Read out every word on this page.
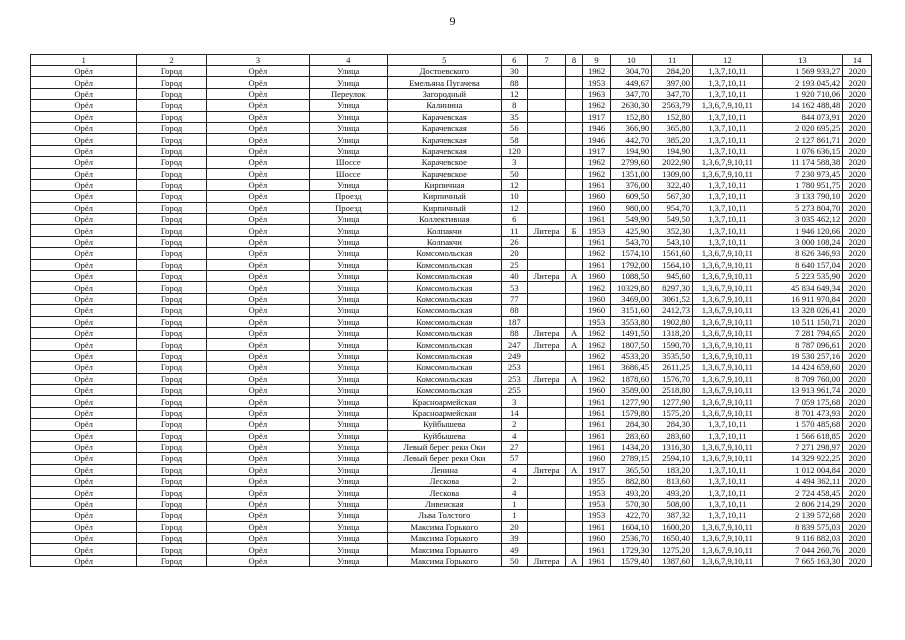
9
1	2	3	4	5	6	7	8	9	10	11	12	13	14
Орёл	Город	Орёл	Улица	Достоевского	30			1962	304,70	284,20	1,3,7,10,11	1 569 933,27	2020
Орёл	Город	Орёл	Улица	Емельяна Пугачева	88			1953	449,67	397,00	1,3,7,10,11	2 193 045,42	2020
Орёл	Город	Орёл	Переулок	Загородный	12			1963	347,70	347,70	1,3,7,10,11	1 920 710,06	2020
Орёл	Город	Орёл	Улица	Калинина	8			1962	2630,30	2563,79	1,3,6,7,9,10,11	14 162 488,48	2020
Орёл	Город	Орёл	Улица	Карачевская	35			1917	152,80	152,80	1,3,7,10,11	844 073,91	2020
Орёл	Город	Орёл	Улица	Карачевская	56			1946	366,90	365,80	1,3,7,10,11	2 020 695,25	2020
Орёл	Город	Орёл	Улица	Карачевская	58			1946	442,70	385,20	1,3,7,10,11	2 127 861,71	2020
Орёл	Город	Орёл	Улица	Карачевская	120			1917	194,90	194,90	1,3,7,10,11	1 076 636,15	2020
Орёл	Город	Орёл	Шоссе	Карачевское	3			1962	2799,60	2022,90	1,3,6,7,9,10,11	11 174 588,38	2020
Орёл	Город	Орёл	Шоссе	Карачевское	50			1962	1351,00	1309,00	1,3,6,7,9,10,11	7 230 973,45	2020
Орёл	Город	Орёл	Улица	Кирпичная	12			1961	376,00	322,40	1,3,7,10,11	1 780 951,75	2020
Орёл	Город	Орёл	Проезд	Кирпичный	10			1960	609,50	567,30	1,3,7,10,11	3 133 790,10	2020
Орёл	Город	Орёл	Проезд	Кирпичный	12			1960	980,00	954,70	1,3,7,10,11	5 273 804,70	2020
Орёл	Город	Орёл	Улица	Коллективная	6			1961	549,90	549,50	1,3,7,10,11	3 035 462,12	2020
Орёл	Город	Орёл	Улица	Колпакчи	11	Литера	Б	1953	425,90	352,30	1,3,7,10,11	1 946 120,66	2020
Орёл	Город	Орёл	Улица	Колпакчи	26			1961	543,70	543,10	1,3,7,10,11	3 000 108,24	2020
Орёл	Город	Орёл	Улица	Комсомольская	20			1962	1574,10	1561,60	1,3,6,7,9,10,11	8 626 346,93	2020
Орёл	Город	Орёл	Улица	Комсомольская	25			1961	1792,00	1564,10	1,3,6,7,9,10,11	8 640 157,04	2020
Орёл	Город	Орёл	Улица	Комсомольская	40	Литера	А	1960	1088,50	945,60	1,3,6,7,9,10,11	5 223 535,90	2020
Орёл	Город	Орёл	Улица	Комсомольская	53			1962	10329,80	8297,30	1,3,6,7,9,10,11	45 834 649,34	2020
Орёл	Город	Орёл	Улица	Комсомольская	77			1960	3469,00	3061,52	1,3,6,7,9,10,11	16 911 970,84	2020
Орёл	Город	Орёл	Улица	Комсомольская	88			1960	3151,60	2412,73	1,3,6,7,9,10,11	13 328 026,41	2020
Орёл	Город	Орёл	Улица	Комсомольская	187			1953	3553,80	1902,80	1,3,6,7,9,10,11	10 511 150,71	2020
Орёл	Город	Орёл	Улица	Комсомольская	88	Литера	А	1962	1491,50	1318,20	1,3,6,7,9,10,11	7 281 794,65	2020
Орёл	Город	Орёл	Улица	Комсомольская	247	Литера	А	1962	1807,50	1590,70	1,3,6,7,9,10,11	8 787 096,61	2020
Орёл	Город	Орёл	Улица	Комсомольская	249			1962	4533,20	3535,50	1,3,6,7,9,10,11	19 530 257,16	2020
Орёл	Город	Орёл	Улица	Комсомольская	253			1961	3686,45	2611,25	1,3,6,7,9,10,11	14 424 659,60	2020
Орёл	Город	Орёл	Улица	Комсомольская	253	Литера	А	1962	1878,60	1576,70	1,3,6,7,9,10,11	8 709 760,00	2020
Орёл	Город	Орёл	Улица	Комсомольская	255			1960	3589,00	2518,80	1,3,6,7,9,10,11	13 913 961,74	2020
Орёл	Город	Орёл	Улица	Красноармейская	3			1961	1277,90	1277,90	1,3,6,7,9,10,11	7 059 175,68	2020
Орёл	Город	Орёл	Улица	Красноармейская	14			1961	1579,80	1575,20	1,3,6,7,9,10,11	8 701 473,93	2020
Орёл	Город	Орёл	Улица	Куйбышева	2			1961	284,30	284,30	1,3,7,10,11	1 570 485,68	2020
Орёл	Город	Орёл	Улица	Куйбышева	4			1961	283,60	283,60	1,3,7,10,11	1 566 618,85	2020
Орёл	Город	Орёл	Улица	Левый берег реки Оки	27			1961	1434,20	1316,30	1,3,6,7,9,10,11	7 271 298,97	2020
Орёл	Город	Орёл	Улица	Левый берег реки Оки	57			1960	2789,15	2594,10	1,3,6,7,9,10,11	14 329 922,25	2020
Орёл	Город	Орёл	Улица	Ленина	4	Литера	А	1917	365,50	183,20	1,3,7,10,11	1 012 004,84	2020
Орёл	Город	Орёл	Улица	Лескова	2			1955	882,80	813,60	1,3,7,10,11	4 494 362,11	2020
Орёл	Город	Орёл	Улица	Лескова	4			1953	493,20	493,20	1,3,7,10,11	2 724 458,45	2020
Орёл	Город	Орёл	Улица	Ливенская	1			1953	570,30	508,00	1,3,7,10,11	2 806 214,29	2020
Орёл	Город	Орёл	Улица	Льва Толстого	1			1953	422,70	387,32	1,3,7,10,11	2 139 572,68	2020
Орёл	Город	Орёл	Улица	Максима Горького	20			1961	1604,10	1600,20	1,3,6,7,9,10,11	8 839 575,03	2020
Орёл	Город	Орёл	Улица	Максима Горького	39			1960	2536,70	1650,40	1,3,6,7,9,10,11	9 116 882,03	2020
Орёл	Город	Орёл	Улица	Максима Горького	49			1961	1729,30	1275,20	1,3,6,7,9,10,11	7 044 260,76	2020
Орёл	Город	Орёл	Улица	Максима Горького	50	Литера	А	1961	1579,40	1387,60	1,3,6,7,9,10,11	7 665 163,30	2020
